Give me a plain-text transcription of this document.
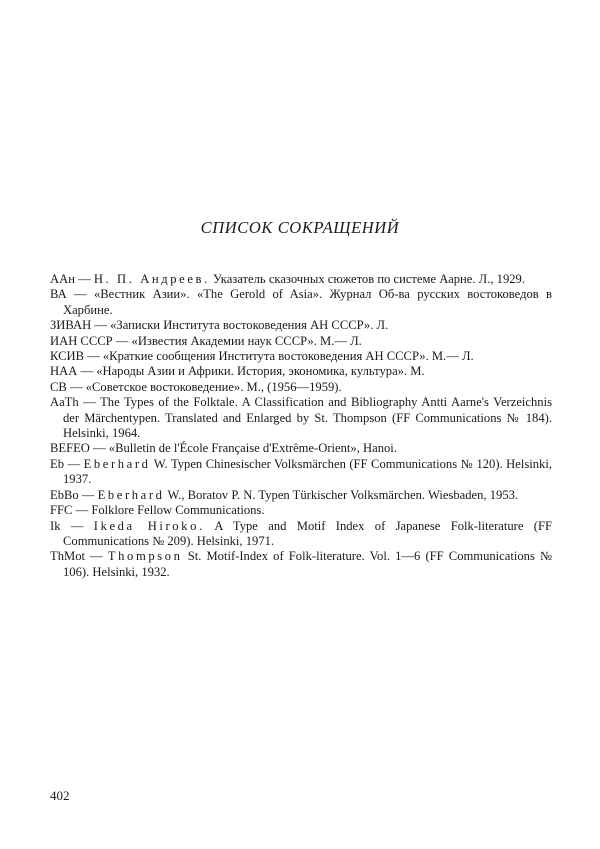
СПИСОК СОКРАЩЕНИЙ

ААн — Н. П. Андреев. Указатель сказочных сюжетов по системе Аарне. Л., 1929.

ВА — «Вестник Азии». «The Gerold of Asia». Журнал Об-ва русских востоковедов в Харбине.

ЗИВАН — «Записки Института востоковедения АН СССР». Л.

ИАН СССР — «Известия Академии наук СССР». М.— Л.

КСИВ — «Краткие сообщения Института востоковедения АН СССР». М.— Л.

НАА — «Народы Азии и Африки. История, экономика, культура». М.

СВ — «Советское востоковедение». М., (1956—1959).

AaTh — The Types of the Folktale. A Classification and Bibliography Antti Aarne's Verzeichnis der Märchentypen. Translated and Enlarged by St. Thompson (FF Communications № 184). Helsinki, 1964.

BEFEO — «Bulletin de l'École Française d'Extrême-Orient», Hanoi.

Eb — Eberhard W. Typen Chinesischer Volksmärchen (FF Communications № 120). Helsinki, 1937.

EbBo — Eberhard W., Boratov P. N. Typen Türkischer Volksmärchen. Wiesbaden, 1953.

FFC — Folklore Fellow Communications.

Ik — Ikeda Hiroko. A Type and Motif Index of Japanese Folk-literature (FF Communications № 209). Helsinki, 1971.

ThMot — Thompson St. Motif-Index of Folk-literature. Vol. 1—6 (FF Communications № 106). Helsinki, 1932.

402
